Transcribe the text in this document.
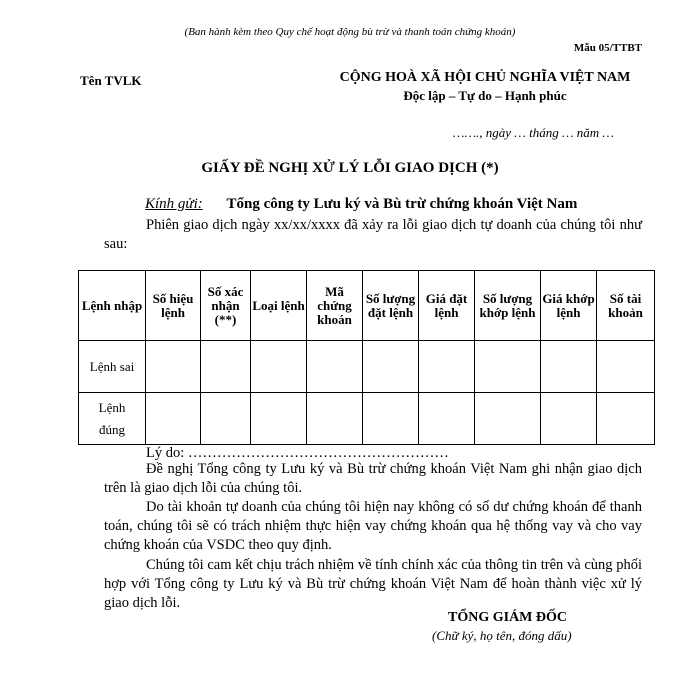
(Ban hành kèm theo Quy chế hoạt động bù trừ và thanh toán chứng khoán)
Mẫu 05/TTBT
Tên TVLK	CỘNG HOÀ XÃ HỘI CHỦ NGHĨA VIỆT NAM
Độc lập – Tự do – Hạnh phúc
……., ngày … tháng … năm …
GIẤY ĐỀ NGHỊ XỬ LÝ LỖI GIAO DỊCH (*)
Kính gửi: Tổng công ty Lưu ký và Bù trừ chứng khoán Việt Nam
Phiên giao dịch ngày xx/xx/xxxx đã xảy ra lỗi giao dịch tự doanh của chúng tôi như sau:
Lệnh nhập	Số hiệu lệnh	Số xác nhận (**)	Loại lệnh	Mã chứng khoán	Số lượng đặt lệnh	Giá đặt lệnh	Số lượng khớp lệnh	Giá khớp lệnh	Số tài khoản
Lệnh sai									
Lệnh đúng									
Lý do: ………………………………………………
Đề nghị Tổng công ty Lưu ký và Bù trừ chứng khoán Việt Nam ghi nhận giao dịch trên là giao dịch lỗi của chúng tôi.
Do tài khoản tự doanh của chúng tôi hiện nay không có số dư chứng khoán để thanh toán, chúng tôi sẽ có trách nhiệm thực hiện vay chứng khoán qua hệ thống vay và cho vay chứng khoán của VSDC theo quy định.
Chúng tôi cam kết chịu trách nhiệm về tính chính xác của thông tin trên và cùng phối hợp với Tổng công ty Lưu ký và Bù trừ chứng khoán Việt Nam để hoàn thành việc xử lý giao dịch lỗi.
TỔNG GIÁM ĐỐC
(Chữ ký, họ tên, đóng dấu)
